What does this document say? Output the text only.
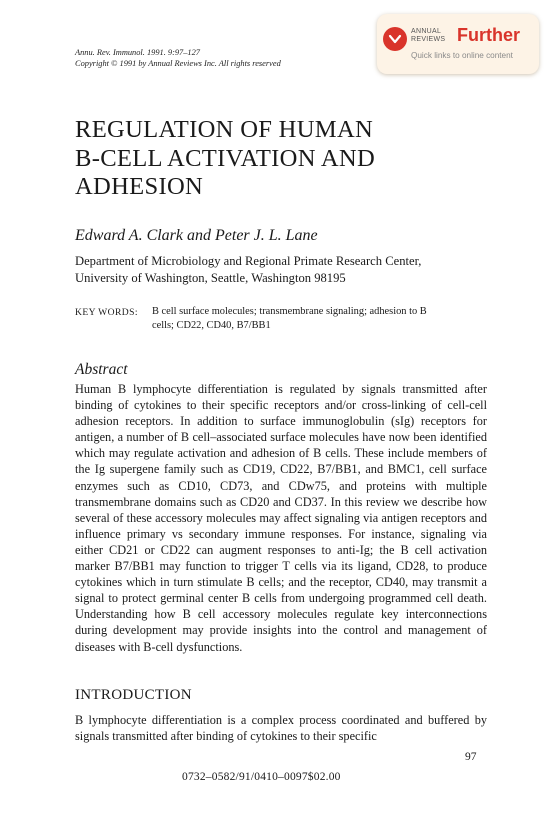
Annu. Rev. Immunol. 1991. 9:97–127
Copyright © 1991 by Annual Reviews Inc. All rights reserved
ANNUAL
REVIEWS Further
Quick links to online content
REGULATION OF HUMAN
B-CELL ACTIVATION AND
ADHESION
Edward A. Clark and Peter J. L. Lane
Department of Microbiology and Regional Primate Research Center,
University of Washington, Seattle, Washington 98195
KEY WORDS: B cell surface molecules; transmembrane signaling; adhesion to B
cells; CD22, CD40, B7/BB1
Abstract
Human B lymphocyte differentiation is regulated by signals transmitted after binding of cytokines to their specific receptors and/or cross-linking of cell-cell adhesion receptors. In addition to surface immunoglobulin (sIg) receptors for antigen, a number of B cell–associated surface molecules have now been identified which may regulate activation and adhesion of B cells. These include members of the Ig supergene family such as CD19, CD22, B7/BB1, and BMC1, cell surface enzymes such as CD10, CD73, and CDw75, and proteins with multiple transmembrane domains such as CD20 and CD37. In this review we describe how several of these accessory molecules may affect signaling via antigen receptors and influence primary vs secondary immune responses. For instance, signaling via either CD21 or CD22 can augment responses to anti-Ig; the B cell activation marker B7/BB1 may function to trigger T cells via its ligand, CD28, to produce cytokines which in turn stimulate B cells; and the receptor, CD40, may transmit a signal to protect germinal center B cells from undergoing programmed cell death. Understanding how B cell accessory molecules regulate key interconnections during development may provide insights into the control and management of diseases with B-cell dysfunctions.
INTRODUCTION
B lymphocyte differentiation is a complex process coordinated and buffered by signals transmitted after binding of cytokines to their specific
97
0732–0582/91/0410–0097$02.00
